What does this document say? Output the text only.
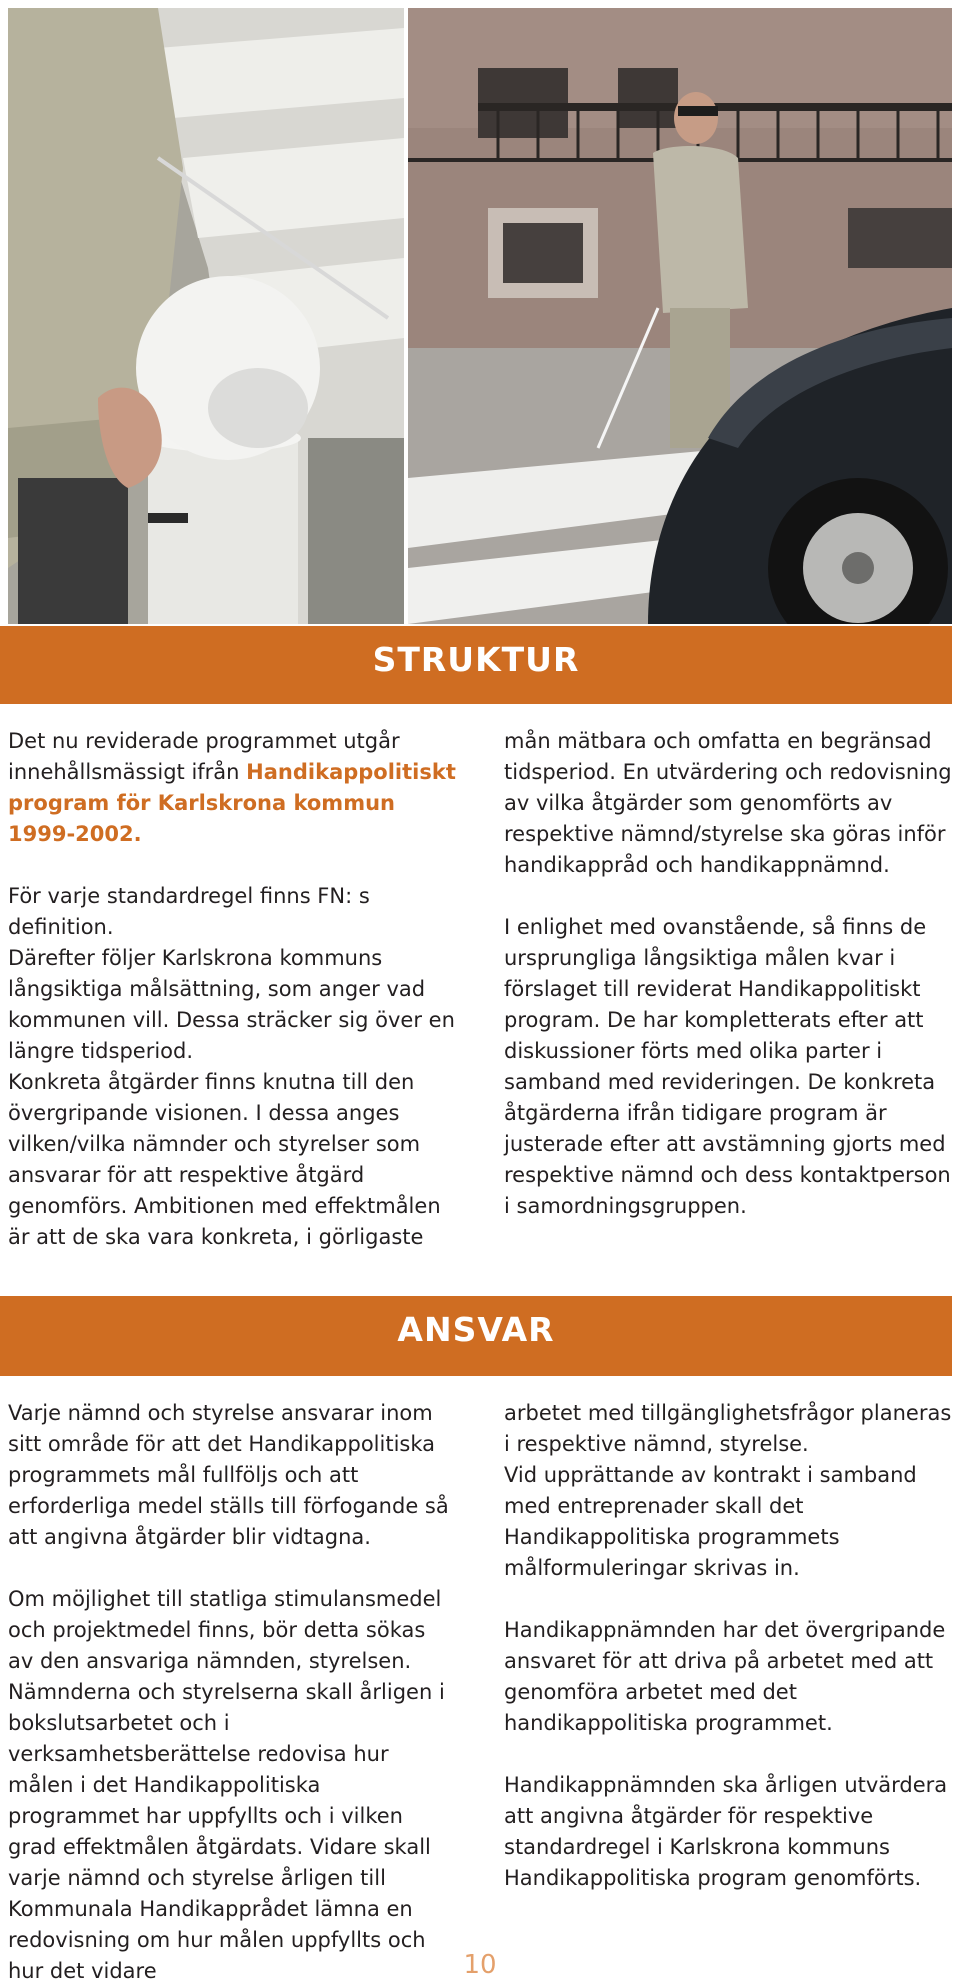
STRUKTUR

Det nu reviderade programmet utgår innehållsmässigt ifrån Handikappolitiskt program för Karlskrona kommun 1999-2002.

För varje standardregel finns FN: s definition.

Därefter följer Karlskrona kommuns långsiktiga målsättning, som anger vad kommunen vill. Dessa sträcker sig över en längre tidsperiod.

Konkreta åtgärder finns knutna till den övergripande visionen. I dessa anges vilken/vilka nämnder och styrelser som ansvarar för att respektive åtgärd genomförs. Ambitionen med effektmålen är att de ska vara konkreta, i görligaste

mån mätbara och omfatta en begränsad tidsperiod. En utvärdering och redovisning av vilka åtgärder som genomförts av respektive nämnd/styrelse ska göras inför handikappråd och handikappnämnd.

I enlighet med ovanstående, så finns de ursprungliga långsiktiga målen kvar i förslaget till reviderat Handikappolitiskt program. De har kompletterats efter att diskussioner förts med olika parter i samband med revideringen. De konkreta åtgärderna ifrån tidigare program är justerade efter att avstämning gjorts med respektive nämnd och dess kontaktperson i samordningsgruppen.

ANSVAR

Varje nämnd och styrelse ansvarar inom sitt område för att det Handikappolitiska programmets mål fullföljs och att erforderliga medel ställs till förfogande så att angivna åtgärder blir vidtagna.

Om möjlighet till statliga stimulansmedel och projektmedel finns, bör detta sökas av den ansvariga nämnden, styrelsen.

Nämnderna och styrelserna skall årligen i bokslutsarbetet och i verksamhetsberättelse redovisa hur målen i det Handikappolitiska programmet har uppfyllts och i vilken grad effektmålen åtgärdats. Vidare skall varje nämnd och styrelse årligen till Kommunala Handikapprådet lämna en redovisning om hur målen uppfyllts och hur det vidare

arbetet med tillgänglighetsfrågor planeras i respektive nämnd, styrelse.

Vid upprättande av kontrakt i samband med entreprenader skall det Handikappolitiska programmets målformuleringar skrivas in.

Handikappnämnden har det övergripande ansvaret för att driva på arbetet med att genomföra arbetet med det handikappolitiska programmet.

Handikappnämnden ska årligen utvärdera att angivna åtgärder för respektive standardregel i Karlskrona kommuns Handikappolitiska program genomförts.

10
